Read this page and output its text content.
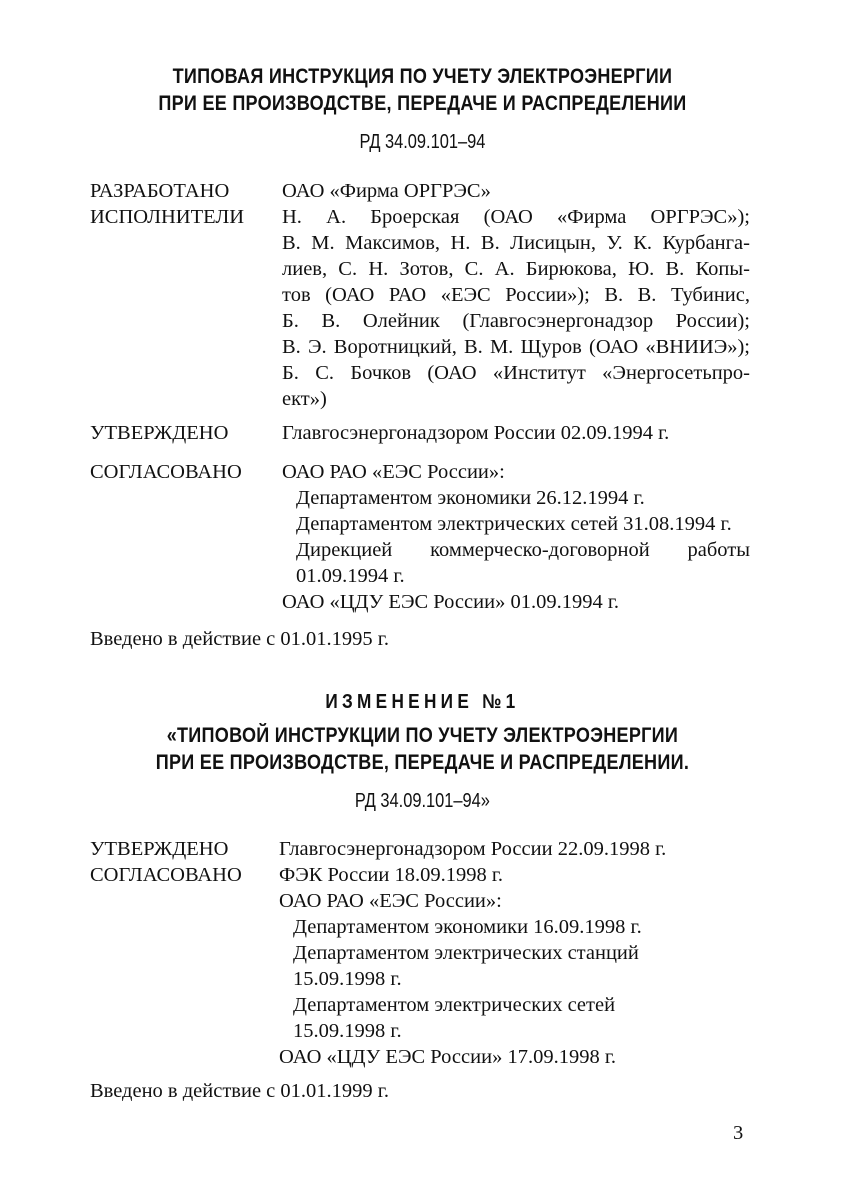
ТИПОВАЯ ИНСТРУКЦИЯ ПО УЧЕТУ ЭЛЕКТРОЭНЕРГИИ
ПРИ ЕЕ ПРОИЗВОДСТВЕ, ПЕРЕДАЧЕ И РАСПРЕДЕЛЕНИИ
РД 34.09.101–94
РАЗРАБОТАНО	ОАО «Фирма ОРГРЭС»
ИСПОЛНИТЕЛИ Н. А. Броерская (ОАО «Фирма ОРГРЭС»);
В. М. Максимов, Н. В. Лисицын, У. К. Курбанга-
лиев, С. Н. Зотов, С. А. Бирюкова, Ю. В. Копы-
тов (ОАО РАО «ЕЭС России»); В. В. Тубинис,
Б. В. Олейник (Главгосэнергонадзор России);
В. Э. Воротницкий, В. М. Щуров (ОАО «ВНИИЭ»);
Б. С. Бочков (ОАО «Институт «Энергосетьпро-
ект»)
УТВЕРЖДЕНО	Главгосэнергонадзором России 02.09.1994 г.
СОГЛАСОВАНО ОАО РАО «ЕЭС России»:
Департаментом экономики 26.12.1994 г.
Департаментом электрических сетей 31.08.1994 г.
Дирекцией коммерческо-договорной работы
01.09.1994 г.
ОАО «ЦДУ ЕЭС России» 01.09.1994 г.
Введено в действие с 01.01.1995 г.
ИЗМЕНЕНИЕ №1
«ТИПОВОЙ ИНСТРУКЦИИ ПО УЧЕТУ ЭЛЕКТРОЭНЕРГИИ
ПРИ ЕЕ ПРОИЗВОДСТВЕ, ПЕРЕДАЧЕ И РАСПРЕДЕЛЕНИИ.
РД 34.09.101–94»
УТВЕРЖДЕНО Главгосэнергонадзором России 22.09.1998 г.
СОГЛАСОВАНО ФЭК России 18.09.1998 г.
ОАО РАО «ЕЭС России»:
Департаментом экономики 16.09.1998 г.
Департаментом электрических станций
15.09.1998 г.
Департаментом электрических сетей
15.09.1998 г.
ОАО «ЦДУ ЕЭС России» 17.09.1998 г.
Введено в действие с 01.01.1999 г.
3
